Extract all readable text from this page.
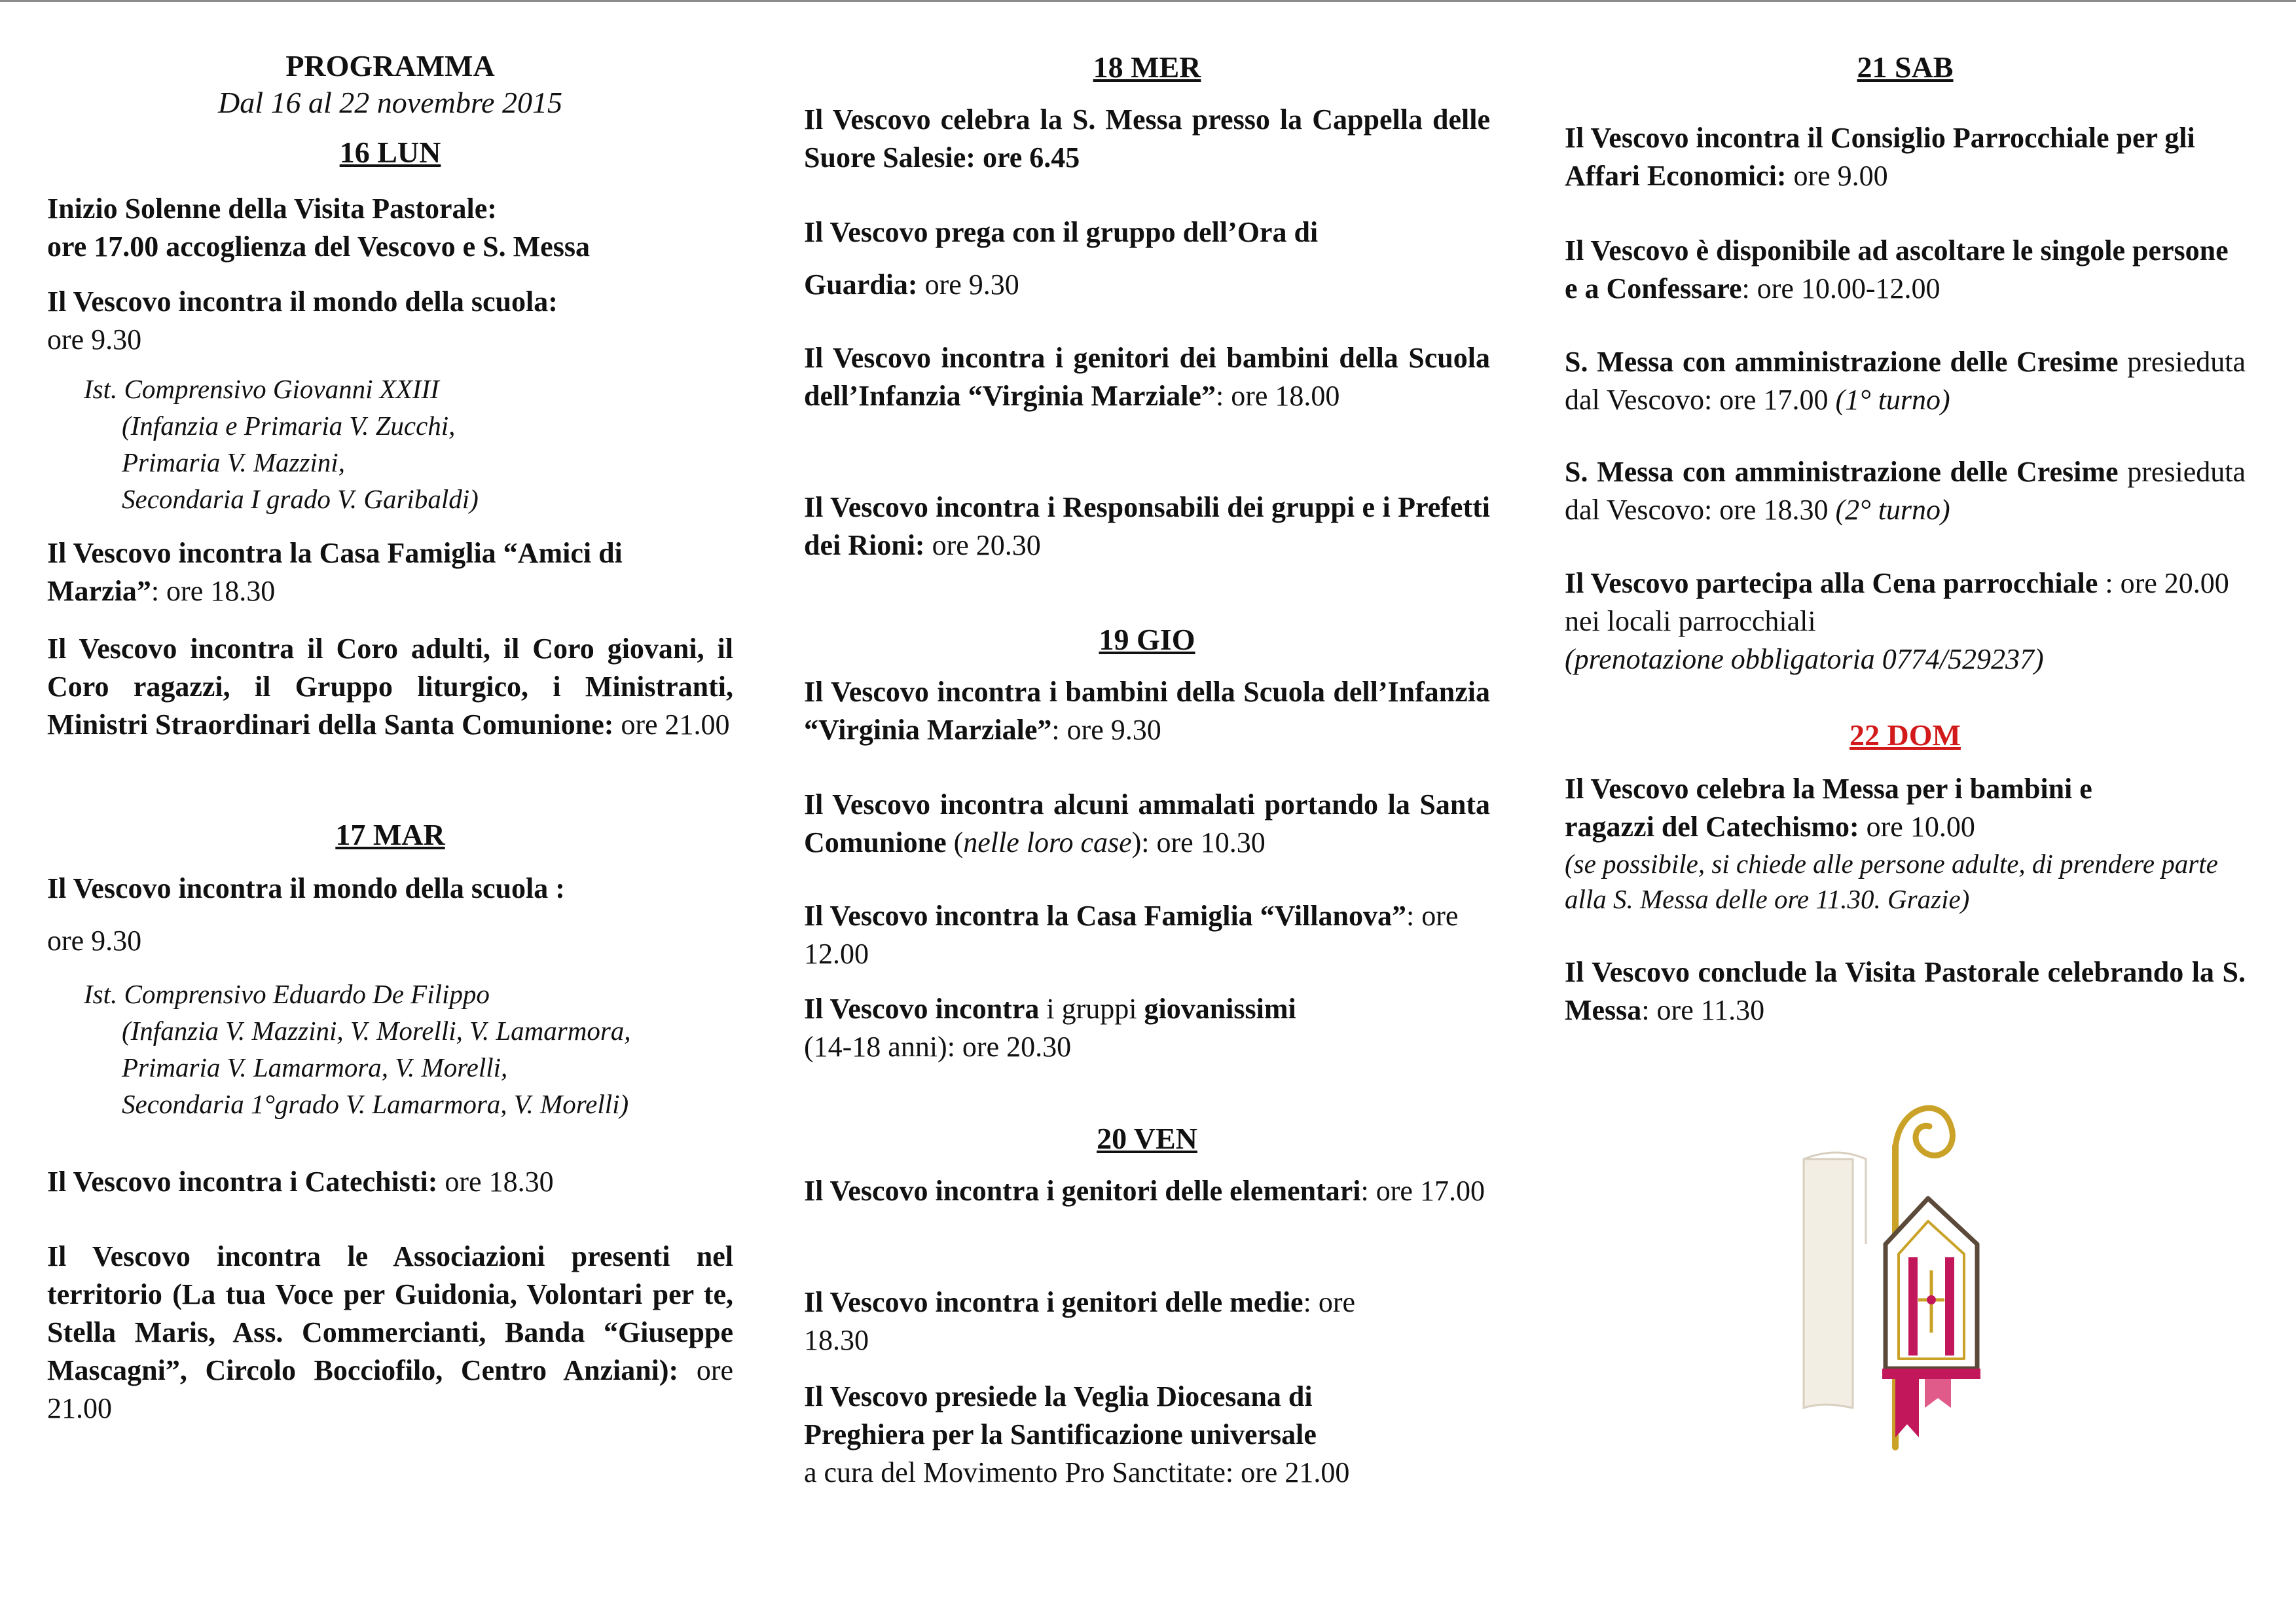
PROGRAMMA
Dal 16 al 22 novembre 2015
16 LUN
Inizio Solenne della Visita Pastorale:
ore 17.00 accoglienza del Vescovo e S. Messa
Il Vescovo incontra il mondo della scuola:
ore 9.30
Ist. Comprensivo Giovanni XXIII
(Infanzia e Primaria V. Zucchi,
Primaria V. Mazzini,
Secondaria I grado V. Garibaldi)
Il Vescovo incontra la Casa Famiglia “Amici di Marzia”: ore 18.30
Il Vescovo incontra il Coro adulti, il Coro giovani, il Coro ragazzi, il Gruppo liturgico, i Ministranti, Ministri Straordinari della Santa Comunione: ore 21.00
17 MAR
Il Vescovo incontra il mondo della scuola :
ore 9.30
Ist. Comprensivo Eduardo De Filippo
(Infanzia V. Mazzini, V. Morelli, V. Lamarmora,
Primaria V. Lamarmora, V. Morelli,
Secondaria 1°grado V. Lamarmora, V. Morelli)
Il Vescovo incontra i Catechisti: ore 18.30
Il Vescovo incontra le Associazioni presenti nel territorio (La tua Voce per Guidonia, Volontari per te, Stella Maris, Ass. Commercianti, Banda “Giuseppe Mascagni”, Circolo Bocciofilo, Centro Anziani): ore 21.00
18 MER
Il Vescovo celebra la S. Messa presso la Cappella delle Suore Salesie: ore 6.45
Il Vescovo prega con il gruppo dell’Ora di
Guardia: ore 9.30
Il Vescovo incontra i genitori dei bambini della Scuola dell’Infanzia “Virginia Marziale”: ore 18.00
Il Vescovo incontra i Responsabili dei gruppi e i Prefetti dei Rioni: ore 20.30
19 GIO
Il Vescovo incontra i bambini della Scuola dell’Infanzia “Virginia Marziale”: ore 9.30
Il Vescovo incontra alcuni ammalati portando la Santa Comunione (nelle loro case): ore 10.30
Il Vescovo incontra la Casa Famiglia “Villanova”: ore 12.00
Il Vescovo incontra i gruppi giovanissimi
(14-18 anni): ore 20.30
20 VEN
Il Vescovo incontra i genitori delle elementari: ore 17.00
Il Vescovo incontra i genitori delle medie: ore 18.30
Il Vescovo presiede la Veglia Diocesana di
Preghiera per la Santificazione universale
a cura del Movimento Pro Sanctitate: ore 21.00
21 SAB
Il Vescovo incontra il Consiglio Parrocchiale per gli Affari Economici: ore 9.00
Il Vescovo è disponibile ad ascoltare le singole persone e a Confessare: ore 10.00-12.00
S. Messa con amministrazione delle Cresime presieduta dal Vescovo: ore 17.00 (1° turno)
S. Messa con amministrazione delle Cresime presieduta dal Vescovo: ore 18.30 (2° turno)
Il Vescovo partecipa alla Cena parrocchiale : ore 20.00 nei locali parrocchiali
(prenotazione obbligatoria 0774/529237)
22 DOM
Il Vescovo celebra la Messa per i bambini e
ragazzi del Catechismo: ore 10.00
(se possibile, si chiede alle persone adulte, di prendere parte alla S. Messa delle ore 11.30. Grazie)
Il Vescovo conclude la Visita Pastorale celebrando la S. Messa: ore 11.30
